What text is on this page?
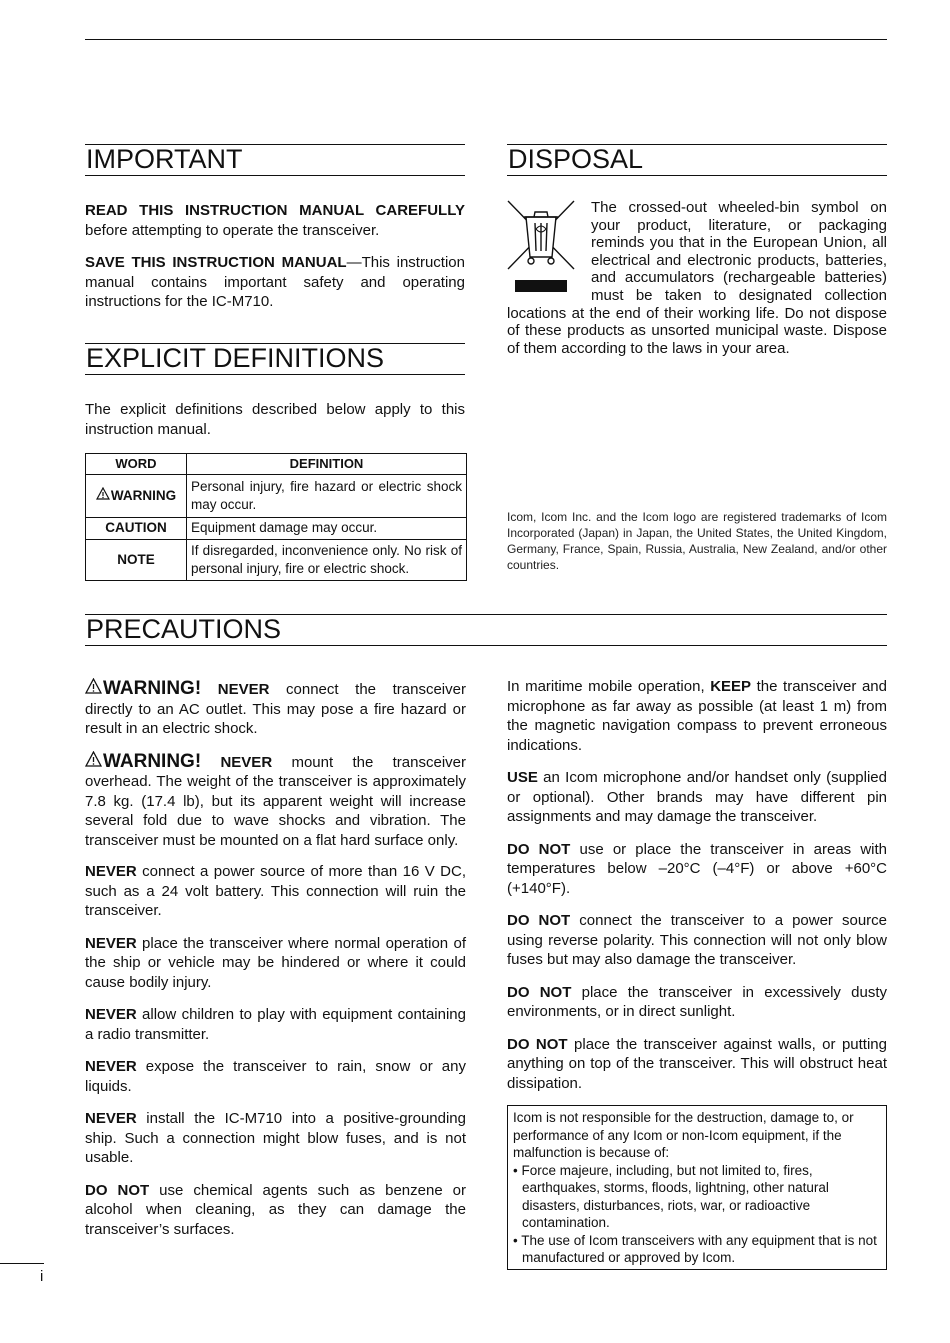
IMPORTANT

READ THIS INSTRUCTION MANUAL CAREFULLY before attempting to operate the transceiver.

SAVE THIS INSTRUCTION MANUAL—This instruction manual contains important safety and operating instructions for the IC-M710.

EXPLICIT DEFINITIONS
The explicit definitions described below apply to this instruction manual.
WORD	DEFINITION
WARNING	Personal injury, fire hazard or electric shock may occur.
CAUTION	Equipment damage may occur.
NOTE	If disregarded, inconvenience only. No risk of personal injury, fire or electric shock.
DISPOSAL
The crossed-out wheeled-bin symbol on your product, literature, or packaging reminds you that in the European Union, all electrical and electronic products, batteries, and accumulators (rechargeable batteries) must be taken to designated collection locations at the end of their working life. Do not dispose of these products as unsorted municipal waste. Dispose of them according to the laws in your area.
Icom, Icom Inc. and the Icom logo are registered trademarks of Icom Incorporated (Japan) in Japan, the United States, the United Kingdom, Germany, France, Spain, Russia, Australia, New Zealand, and/or other countries.
PRECAUTIONS

WARNING! NEVER connect the transceiver directly to an AC outlet. This may pose a fire hazard or result in an electric shock.

WARNING! NEVER mount the transceiver overhead. The weight of the transceiver is approximately 7.8 kg. (17.4 lb), but its apparent weight will increase several fold due to wave shocks and vibration. The transceiver must be mounted on a flat hard surface only.

NEVER connect a power source of more than 16 V DC, such as a 24 volt battery. This connection will ruin the transceiver.

NEVER place the transceiver where normal operation of the ship or vehicle may be hindered or where it could cause bodily injury.

NEVER allow children to play with equipment containing a radio transmitter.

NEVER expose the transceiver to rain, snow or any liquids.

NEVER install the IC-M710 into a positive-grounding ship. Such a connection might blow fuses, and is not usable.

DO NOT use chemical agents such as benzene or alcohol when cleaning, as they can damage the transceiver’s surfaces.

In maritime mobile operation, KEEP the transceiver and microphone as far away as possible (at least 1 m) from the magnetic navigation compass to prevent erroneous indications.

USE an Icom microphone and/or handset only (supplied or optional). Other brands may have different pin assignments and may damage the transceiver.

DO NOT use or place the transceiver in areas with temperatures below –20°C (–4°F) or above +60°C (+140°F).

DO NOT connect the transceiver to a power source using reverse polarity. This connection will not only blow fuses but may also damage the transceiver.

DO NOT place the transceiver in excessively dusty environments, or in direct sunlight.

DO NOT place the transceiver against walls, or putting anything on top of the transceiver. This will obstruct heat dissipation.

Icom is not responsible for the destruction, damage to, or performance of any Icom or non-Icom equipment, if the malfunction is because of:

• Force majeure, including, but not limited to, fires, earthquakes, storms, floods, lightning, other natural disasters, disturbances, riots, war, or radioactive contamination.
• The use of Icom transceivers with any equipment that is not manufactured or approved by Icom.
i
